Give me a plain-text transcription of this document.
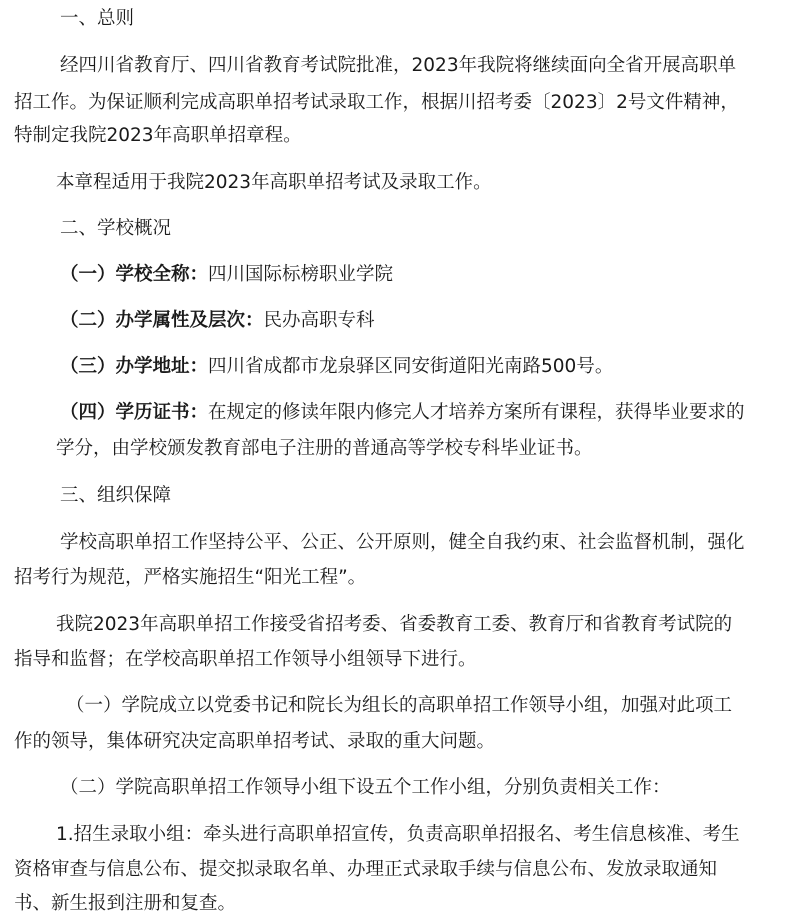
一、总则

经四川省教育厅、四川省教育考试院批准，2023年我院将继续面向全省开展高职单

招工作。为保证顺利完成高职单招考试录取工作，根据川招考委〔2023〕2号文件精神，

特制定我院2023年高职单招章程。

本章程适用于我院2023年高职单招考试及录取工作。

二、学校概况

（一）学校全称：四川国际标榜职业学院

（二）办学属性及层次：民办高职专科

（三）办学地址：四川省成都市龙泉驿区同安街道阳光南路500号。

（四）学历证书：在规定的修读年限内修完人才培养方案所有课程，获得毕业要求的

学分，由学校颁发教育部电子注册的普通高等学校专科毕业证书。

三、组织保障

学校高职单招工作坚持公平、公正、公开原则，健全自我约束、社会监督机制，强化

招考行为规范，严格实施招生“阳光工程”。

我院2023年高职单招工作接受省招考委、省委教育工委、教育厅和省教育考试院的

指导和监督；在学校高职单招工作领导小组领导下进行。

（一）学院成立以党委书记和院长为组长的高职单招工作领导小组，加强对此项工

作的领导，集体研究决定高职单招考试、录取的重大问题。

（二）学院高职单招工作领导小组下设五个工作小组，分别负责相关工作：

1.招生录取小组：牵头进行高职单招宣传，负责高职单招报名、考生信息核准、考生

资格审查与信息公布、提交拟录取名单、办理正式录取手续与信息公布、发放录取通知

书、新生报到注册和复查。
